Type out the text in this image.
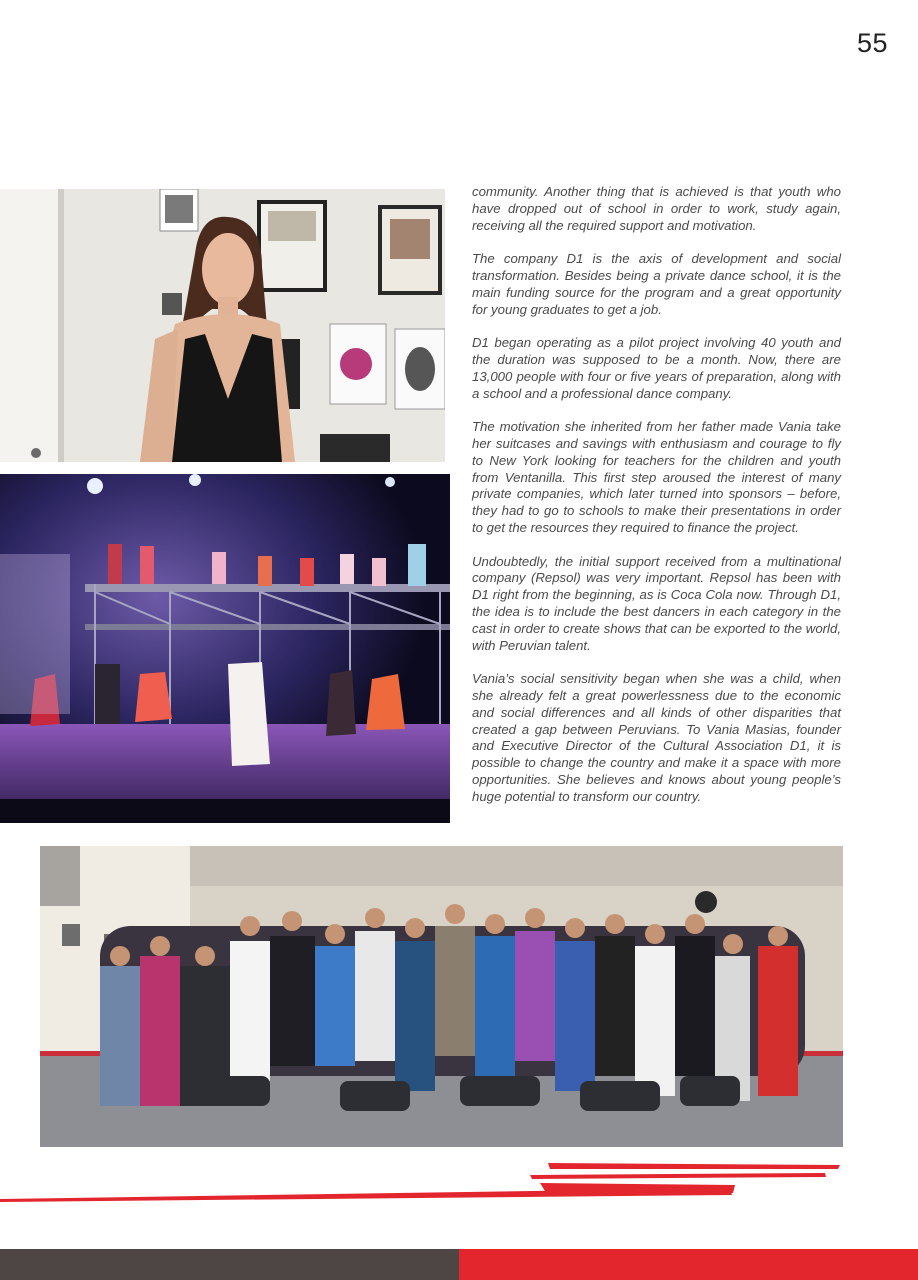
55

community. Another thing that is achieved is that youth who have dropped out of school in order to work, study again, receiving all the required support and motivation.

The company D1 is the axis of development and social transformation. Besides being a private dance school, it is the main funding source for the program and a great opportunity for young graduates to get a job.

D1 began operating as a pilot project involving 40 youth and the duration was supposed to be a month. Now, there are 13,000 people with four or five years of preparation, along with a school and a professional dance company.

The motivation she inherited from her father made Vania take her suitcases and savings with enthusiasm and courage to fly to New York looking for teachers for the children and youth from Ventanilla. This first step aroused the interest of many private companies, which later turned into sponsors – before, they had to go to schools to make their presentations in order to get the resources they required to finance the project.

Undoubtedly, the initial support received from a multinational company (Repsol) was very important. Repsol has been with D1 right from the beginning, as is Coca Cola now. Through D1, the idea is to include the best dancers in each category in the cast in order to create shows that can be exported to the world, with Peruvian talent.

Vania’s social sensitivity began when she was a child, when she already felt a great powerlessness due to the economic and social differences and all kinds of other disparities that created a gap between Peruvians. To Vania Masias, founder and Executive Director of the Cultural Association D1, it is possible to change the country and make it a space with more opportunities. She believes and knows about young people’s huge potential to transform our country.
